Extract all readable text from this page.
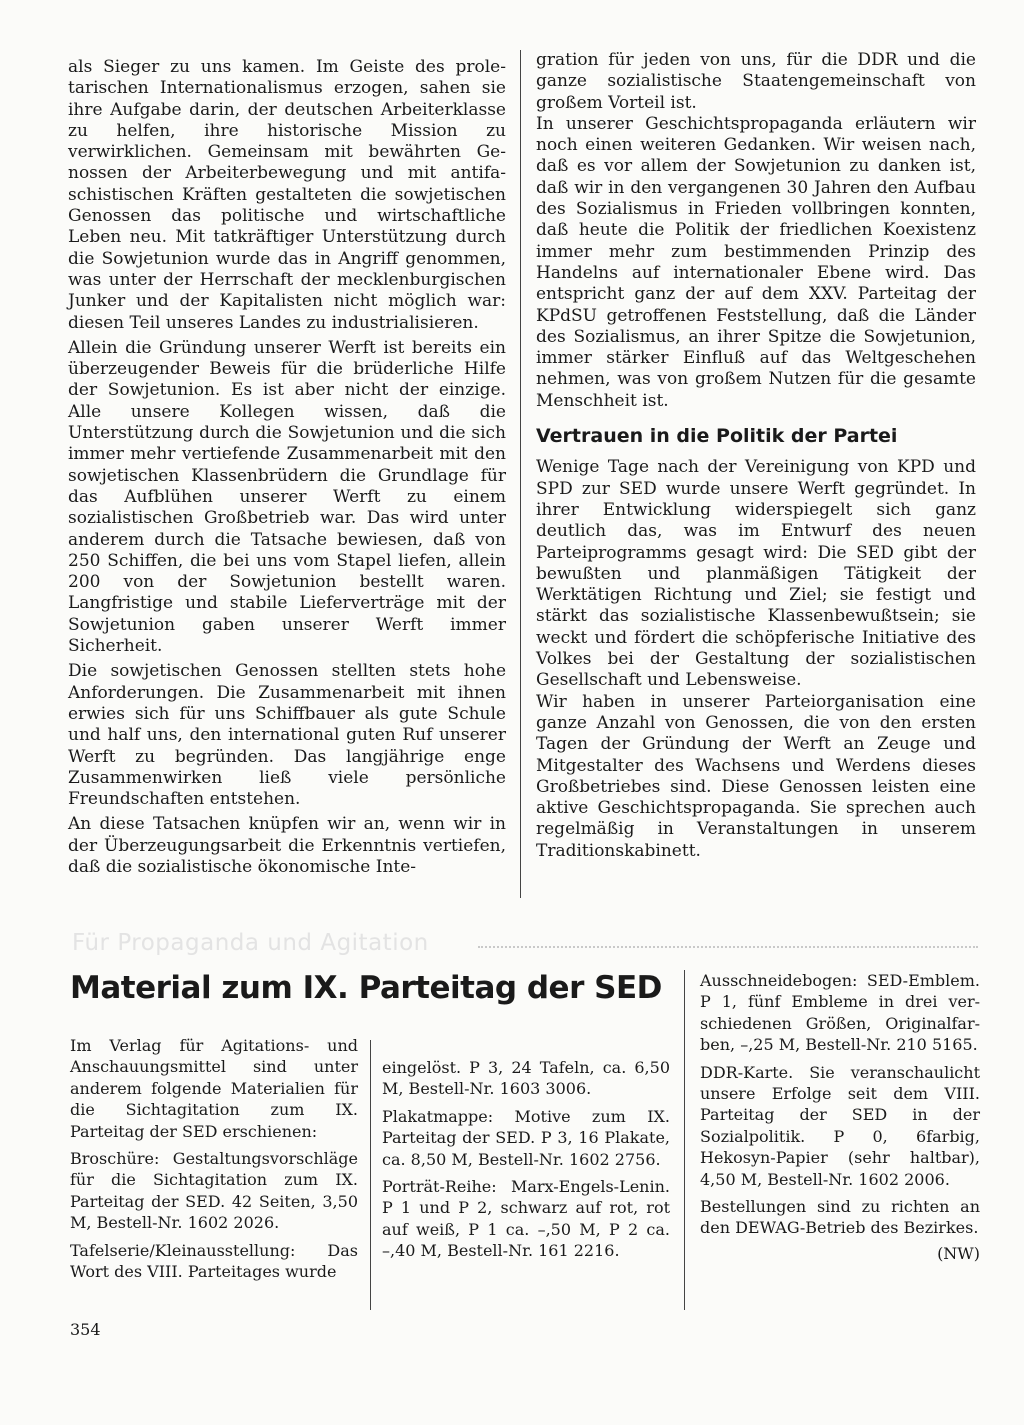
als Sieger zu uns kamen. Im Geiste des proletarischen Internationalismus erzogen, sahen sie ihre Aufgabe darin, der deutschen Arbeiterklasse zu helfen, ihre historische Mission zu verwirklichen. Gemeinsam mit bewährten Genossen der Arbeiterbewegung und mit antifaschistischen Kräften gestalteten die sowjetischen Genossen das politische und wirtschaftliche Leben neu. Mit tatkräftiger Unterstützung durch die Sowjetunion wurde das in Angriff genommen, was unter der Herrschaft der mecklenburgischen Junker und der Kapitalisten nicht möglich war: diesen Teil unseres Landes zu industrialisieren.

Allein die Gründung unserer Werft ist bereits ein überzeugender Beweis für die brüderliche Hilfe der Sowjetunion. Es ist aber nicht der einzige. Alle unsere Kollegen wissen, daß die Unterstützung durch die Sowjetunion und die sich immer mehr vertiefende Zusammenarbeit mit den sowjetischen Klassenbrüdern die Grundlage für das Aufblühen unserer Werft zu einem sozialistischen Großbetrieb war. Das wird unter anderem durch die Tatsache bewiesen, daß von 250 Schiffen, die bei uns vom Stapel liefen, allein 200 von der Sowjetunion bestellt waren. Langfristige und stabile Lieferverträge mit der Sowjetunion gaben unserer Werft immer Sicherheit.

Die sowjetischen Genossen stellten stets hohe Anforderungen. Die Zusammenarbeit mit ihnen erwies sich für uns Schiffbauer als gute Schule und half uns, den international guten Ruf unserer Werft zu begründen. Das langjährige enge Zusammenwirken ließ viele persönliche Freundschaften entstehen.

An diese Tatsachen knüpfen wir an, wenn wir in der Überzeugungsarbeit die Erkenntnis vertiefen, daß die sozialistische ökonomische Inte-

gration für jeden von uns, für die DDR und die ganze sozialistische Staatengemeinschaft von großem Vorteil ist.

In unserer Geschichtspropaganda erläutern wir noch einen weiteren Gedanken. Wir weisen nach, daß es vor allem der Sowjetunion zu danken ist, daß wir in den vergangenen 30 Jahren den Aufbau des Sozialismus in Frieden vollbringen konnten, daß heute die Politik der friedlichen Koexistenz immer mehr zum bestimmenden Prinzip des Handelns auf internationaler Ebene wird. Das entspricht ganz der auf dem XXV. Parteitag der KPdSU getroffenen Feststellung, daß die Länder des Sozialismus, an ihrer Spitze die Sowjetunion, immer stärker Einfluß auf das Weltgeschehen nehmen, was von großem Nutzen für die gesamte Menschheit ist.

Vertrauen in die Politik der Partei

Wenige Tage nach der Vereinigung von KPD und SPD zur SED wurde unsere Werft gegründet. In ihrer Entwicklung widerspiegelt sich ganz deutlich das, was im Entwurf des neuen Parteiprogramms gesagt wird: Die SED gibt der bewußten und planmäßigen Tätigkeit der Werktätigen Richtung und Ziel; sie festigt und stärkt das sozialistische Klassenbewußtsein; sie weckt und fördert die schöpferische Initiative des Volkes bei der Gestaltung der sozialistischen Gesellschaft und Lebensweise.

Wir haben in unserer Parteiorganisation eine ganze Anzahl von Genossen, die von den ersten Tagen der Gründung der Werft an Zeuge und Mitgestalter des Wachsens und Werdens dieses Großbetriebes sind. Diese Genossen leisten eine aktive Geschichtspropaganda. Sie sprechen auch regelmäßig in Veranstaltungen in unserem Traditionskabinett.

Für Propaganda und Agitation
Material zum IX. Parteitag der SED

Im Verlag für Agitations- und Anschauungsmittel sind unter anderem folgende Materialien für die Sichtagitation zum IX. Parteitag der SED erschienen:

Broschüre: Gestaltungsvorschläge für die Sichtagitation zum IX. Parteitag der SED. 42 Seiten, 3,50 M, Bestell-Nr. 1602 2026.

Tafelserie/Kleinausstellung: Das Wort des VIII. Parteitages wurde

eingelöst. P 3, 24 Tafeln, ca. 6,50 M, Bestell-Nr. 1603 3006.

Plakatmappe: Motive zum IX. Parteitag der SED. P 3, 16 Plakate, ca. 8,50 M, Bestell-Nr. 1602 2756.

Porträt-Reihe: Marx-Engels-Lenin. P 1 und P 2, schwarz auf rot, rot auf weiß, P 1 ca. –,50 M, P 2 ca. –,40 M, Bestell-Nr. 161 2216.

Ausschneidebogen: SED-Emblem. P 1, fünf Embleme in drei verschiedenen Größen, Originalfarben, –,25 M, Bestell-Nr. 210 5165.

DDR-Karte. Sie veranschaulicht unsere Erfolge seit dem VIII. Parteitag der SED in der Sozialpolitik. P 0, 6farbig, Hekosyn-Papier (sehr haltbar), 4,50 M, Bestell-Nr. 1602 2006.

Bestellungen sind zu richten an den DEWAG-Betrieb des Bezirkes.

(NW)
354
